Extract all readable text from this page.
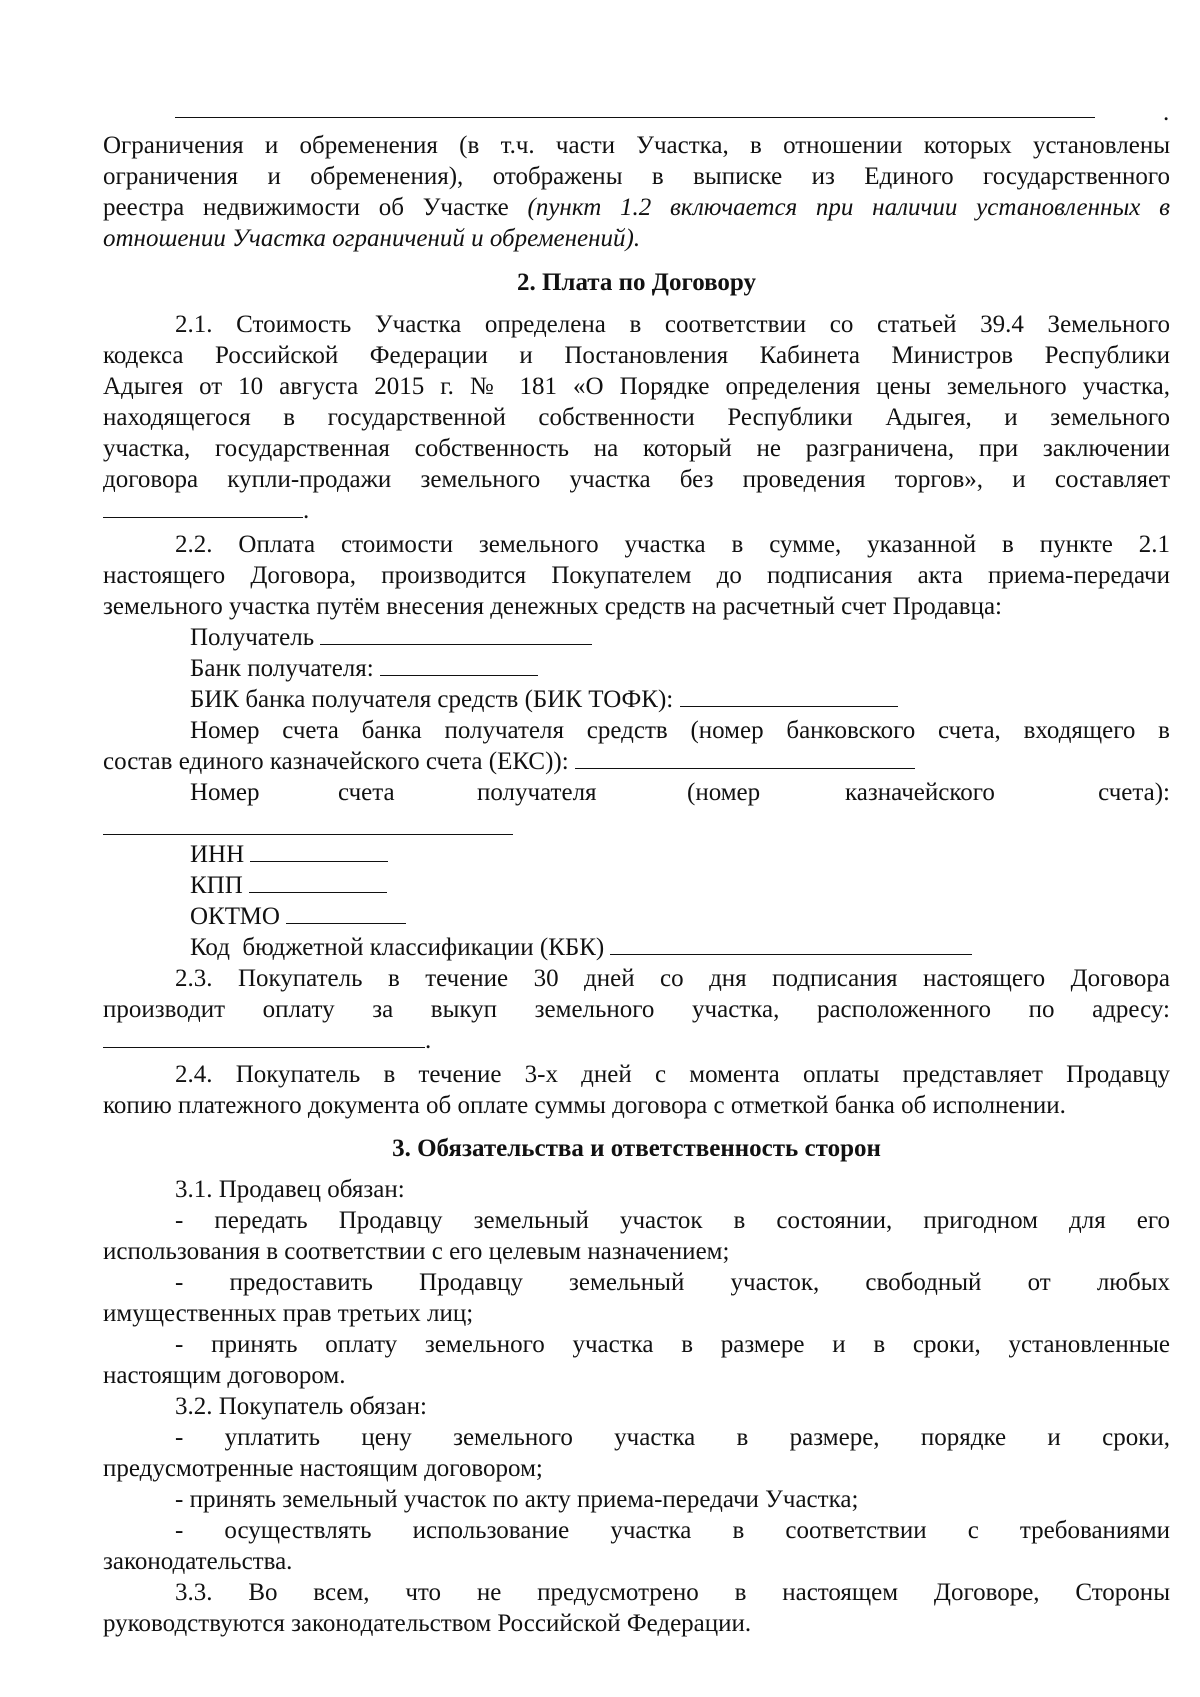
.
Ограничения и обременения (в т.ч. части Участка, в отношении которых установлены
ограничения и обременения), отображены в выписке из Единого государственного
реестра недвижимости об Участке (пункт 1.2 включается при наличии установленных в
отношении Участка ограничений и обременений).
2. Плата по Договору
2.1. Стоимость Участка определена в соответствии со статьей 39.4 Земельного
кодекса Российской Федерации и Постановления Кабинета Министров Республики
Адыгея от 10 августа 2015 г. № 181 «О Порядке определения цены земельного участка,
находящегося в государственной собственности Республики Адыгея, и земельного
участка, государственная собственность на который не разграничена, при заключении
договора купли-продажи земельного участка без проведения торгов», и составляет
.
2.2. Оплата стоимости земельного участка в сумме, указанной в пункте 2.1
настоящего Договора, производится Покупателем до подписания акта приема-передачи
земельного участка путём внесения денежных средств на расчетный счет Продавца:
Получатель
Банк получателя:
БИК банка получателя средств (БИК ТОФК):
Номер счета банка получателя средств (номер банковского счета, входящего в
состав единого казначейского счета (ЕКС)):
Номер	счета	получателя	(номер	казначейского	счета):
ИНН
КПП
ОКТМО
Код  бюджетной классификации (КБК)
2.3. Покупатель в течение 30 дней со дня подписания настоящего Договора
производит оплату за выкуп земельного участка, расположенного по адресу:
.
2.4. Покупатель в течение 3-х дней с момента оплаты представляет Продавцу
копию платежного документа об оплате суммы договора с отметкой банка об исполнении.
3. Обязательства и ответственность сторон
3.1. Продавец обязан:
- передать Продавцу земельный участок в состоянии, пригодном для его
использования в соответствии с его целевым назначением;
- предоставить Продавцу земельный участок, свободный от любых
имущественных прав третьих лиц;
- принять оплату земельного участка в размере и в сроки, установленные
настоящим договором.
3.2. Покупатель обязан:
- уплатить цену земельного участка в размере, порядке и сроки,
предусмотренные настоящим договором;
- принять земельный участок по акту приема-передачи Участка;
- осуществлять использование участка в соответствии с требованиями
законодательства.
3.3. Во всем, что не предусмотрено в настоящем Договоре, Стороны
руководствуются законодательством Российской Федерации.
